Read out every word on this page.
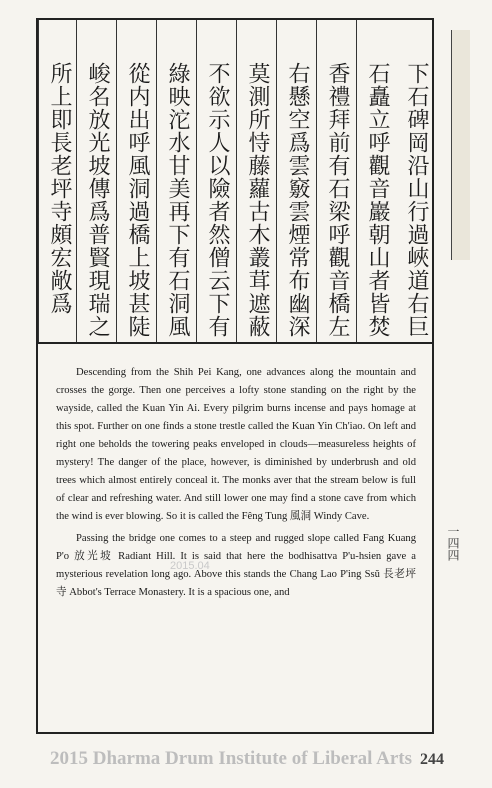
下石碑岡沿山行過峽道右巨
石矗立呼觀音巖朝山者皆焚
香禮拜前有石梁呼觀音橋左
右懸空爲雲竅雲煙常布幽深
莫測所恃藤蘿古木叢茸遮蔽
不欲示人以險者然僧云下有
綠映沱水甘美再下有石洞風
從内出呼風洞過橋上坡甚陡
峻名放光坡傳爲普賢現瑞之
所上即長老坪寺頗宏敞爲

Descending from the Shih Pei Kang, one advances along the mountain and crosses the gorge. Then one perceives a lofty stone standing on the right by the wayside, called the Kuan Yin Ai. Every pilgrim burns incense and pays homage at this spot. Further on one finds a stone trestle called the Kuan Yin Ch'iao. On left and right one beholds the towering peaks enveloped in clouds—measureless heights of mystery! The danger of the place, however, is diminished by underbrush and old trees which almost entirely conceal it. The monks aver that the stream below is full of clear and refreshing water. And still lower one may find a stone cave from which the wind is ever blowing. So it is called the Fêng Tung 風洞 Windy Cave.

Passing the bridge one comes to a steep and rugged slope called Fang Kuang P'o 放光坡 Radiant Hill. It is said that here the bodhisattva P'u-hsien gave a mysterious revelation long ago. Above this stands the Chang Lao P'ing Ssŭ 長老坪寺 Abbot's Terrace Monastery. It is a spacious one, and

一四四
2015.04
2015 Dharma Drum Institute of Liberal Arts 244
